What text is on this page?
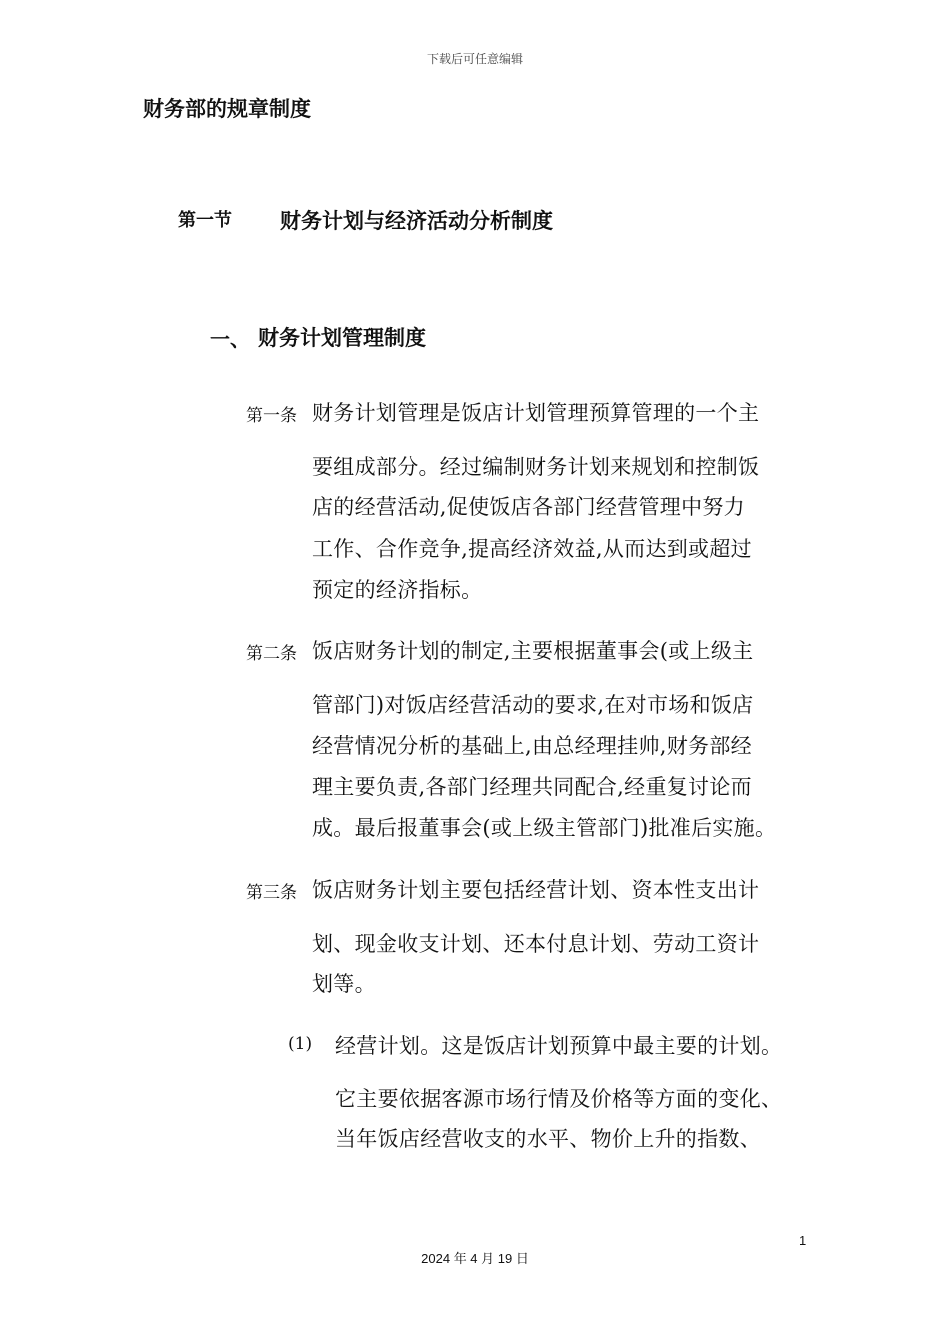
下载后可任意编辑
财务部的规章制度
第一节 财务计划与经济活动分析制度
一、 财务计划管理制度
第一条 财务计划管理是饭店计划管理预算管理的一个主
要组成部分。经过编制财务计划来规划和控制饭
店的经营活动,促使饭店各部门经营管理中努力
工作、合作竞争,提高经济效益,从而达到或超过
预定的经济指标。
第二条 饭店财务计划的制定,主要根据董事会(或上级主
管部门)对饭店经营活动的要求,在对市场和饭店
经营情况分析的基础上,由总经理挂帅,财务部经
理主要负责,各部门经理共同配合,经重复讨论而
成。最后报董事会(或上级主管部门)批准后实施。
第三条 饭店财务计划主要包括经营计划、资本性支出计
划、现金收支计划、还本付息计划、劳动工资计
划等。
(1) 经营计划。这是饭店计划预算中最主要的计划。
它主要依据客源市场行情及价格等方面的变化、
当年饭店经营收支的水平、物价上升的指数、
1
2024 年 4 月 19 日
